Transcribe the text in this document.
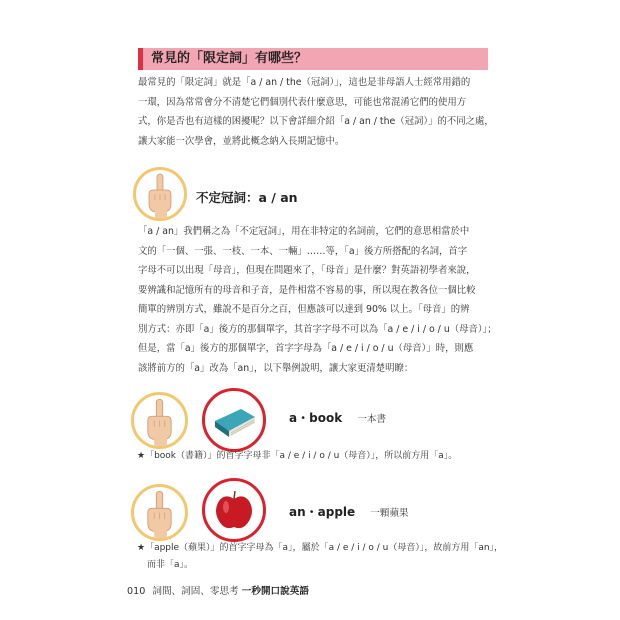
常見的「限定詞」有哪些？
最常見的「限定詞」就是「a / an / the（冠詞）」，這也是非母語人士經常用錯的
一環，因為常常會分不清楚它們個別代表什麼意思，可能也常混淆它們的使用方
式，你是否也有這樣的困擾呢？以下會詳細介紹「a / an / the（冠詞）」的不同之處，
讓大家能一次學會，並將此概念納入長期記憶中。
不定冠詞：a / an
「a / an」我們稱之為「不定冠詞」，用在非特定的名詞前，它們的意思相當於中
文的「一個、一張、一枝、一本、一輛」……等，「a」後方所搭配的名詞，首字
字母不可以出現「母音」，但現在問題來了，「母音」是什麼？對英語初學者來說，
要辨識和記憶所有的母音和子音，是件相當不容易的事，所以現在教各位一個比較
簡單的辨別方式，雖說不是百分之百，但應該可以達到 90% 以上。「母音」的辨
別方式：亦即「a」後方的那個單字，其首字字母不可以為「a / e / i / o / u（母音）」；
但是，當「a」後方的那個單字，首字字母為「a / e / i / o / u（母音）」時，則應
該將前方的「a」改為「an」，以下舉例說明，讓大家更清楚明瞭：
a・book 一本書
★「book（書籍）」的首字字母非「a / e / i / o / u（母音）」，所以前方用「a」。
an・apple 一顆蘋果
★「apple（蘋果）」的首字字母為「a」，屬於「a / e / i / o / u（母音）」，故前方用「an」，
而非「a」。
010 詞間、詞固、零思考 一秒開口說英語
